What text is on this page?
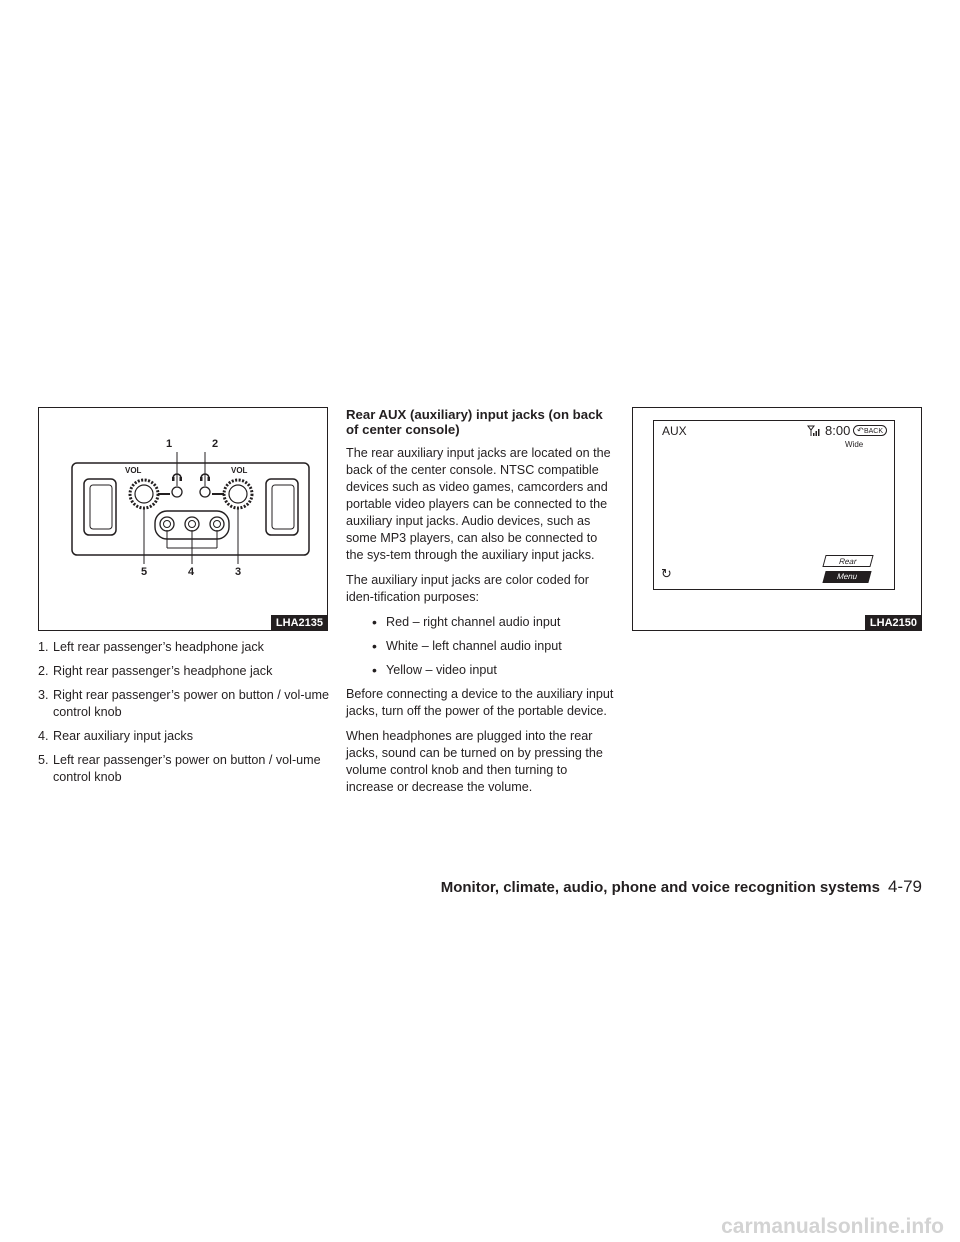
1	2
3
4
5
VOL	VOL
LHA2135
1. Left rear passenger’s headphone jack
2. Right rear passenger’s headphone jack
3. Right rear passenger’s power on button / vol-ume control knob
4. Rear auxiliary input jacks
5. Left rear passenger’s power on button / vol-ume control knob
Rear AUX (auxiliary) input jacks (on back of center console)

The rear auxiliary input jacks are located on the back of the center console. NTSC compatible devices such as video games, camcorders and portable video players can be connected to the auxiliary input jacks. Audio devices, such as some MP3 players, can also be connected to the sys-tem through the auxiliary input jacks.

The auxiliary input jacks are color coded for iden-tification purposes:

• Red – right channel audio input
• White – left channel audio input
• Yellow – video input

Before connecting a device to the auxiliary input jacks, turn off the power of the portable device.

When headphones are plugged into the rear jacks, sound can be turned on by pressing the volume control knob and then turning to increase or decrease the volume.

AUX	8:00 ↶ BACK
Wide
↻
Rear
Menu
LHA2150
Monitor, climate, audio, phone and voice recognition systems 4-79
carmanualsonline.info
